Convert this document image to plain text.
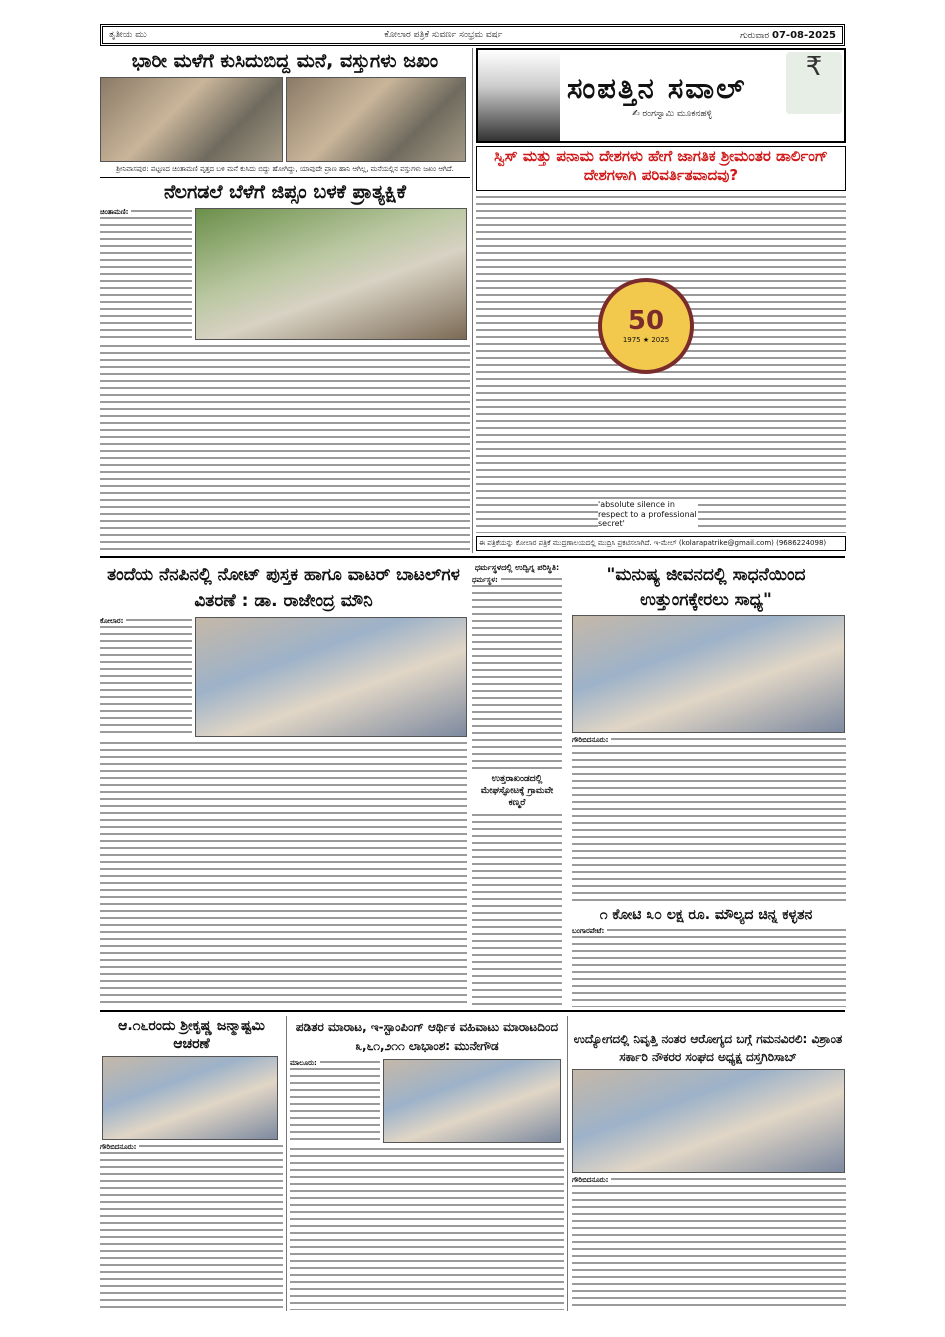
ತೃತೀಯ ಮು	ಕೋಲಾರ ಪತ್ರಿಕೆ ಸುವರ್ಣ ಸಂಭ್ರಮ ವರ್ಷ	ಗುರುವಾರ 07-08-2025
ಭಾರೀ ಮಳೆಗೆ ಕುಸಿದುಬಿದ್ದ ಮನೆ, ವಸ್ತುಗಳು ಜಖಂ
ಶ್ರೀನಿವಾಸಪುರ: ಪಟ್ಟಣದ ಚಿಂತಾಮಣಿ ವೃತ್ತದ ಬಳಿ ಮನೆ ಕುಸಿದು ಬಿದ್ದು ಹೋಗಿದ್ದು, ಯಾವುದೇ ಪ್ರಾಣ ಹಾನಿ ಆಗಿಲ್ಲ, ಮನೆಯಲ್ಲಿನ ವಸ್ತುಗಳು ಜಖಂ ಆಗಿದೆ.
ನೆಲಗಡಲೆ ಬೆಳೆಗೆ ಜಿಪ್ಸಂ ಬಳಕೆ ಪ್ರಾತ್ಯಕ್ಷಿಕೆ
ಚಿಂತಾಮಣಿ:
ಸಂಪತ್ತಿನ ಸವಾಲ್
✍ ರಂಗಸ್ವಾಮಿ ಮೂಕನಹಳ್ಳಿ
₹
ಸ್ವಿಸ್ ಮತ್ತು ಪನಾಮ ದೇಶಗಳು ಹೇಗೆ ಜಾಗತಿಕ ಶ್ರೀಮಂತರ ಡಾರ್ಲಿಂಗ್ ದೇಶಗಳಾಗಿ ಪರಿವರ್ತಿತವಾದವು?
50
1975 ★ 2025
'absolute silence in respect to a professional secret'
ಈ ಪತ್ರಿಕೆಯನ್ನು ಕೋಲಾರ ಪತ್ರಿಕೆ ಮುದ್ರಣಾಲಯದಲ್ಲಿ ಮುದ್ರಿಸಿ ಪ್ರಕಟಿಸಲಾಗಿದೆ. ಇ-ಮೇಲ್ (kolarapatrike@gmail.com) (9686224098)
ತಂದೆಯ ನೆನಪಿನಲ್ಲಿ ನೋಟ್ ಪುಸ್ತಕ ಹಾಗೂ ವಾಟರ್ ಬಾಟಲ್‌ಗಳ ವಿತರಣೆ : ಡಾ. ರಾಜೇಂದ್ರ ಮೌನಿ
ಕೋಲಾರ:
ಧರ್ಮಸ್ಥಳದಲ್ಲಿ ಉದ್ವಿಗ್ನ ಪರಿಸ್ಥಿತಿ:
ಧರ್ಮಸ್ಥಳ:
ಉತ್ತರಾಖಂಡದಲ್ಲಿ ಮೇಘಸ್ಫೋಟಕ್ಕೆ ಗ್ರಾಮವೇ ಕಣ್ಮರೆ
"ಮನುಷ್ಯ ಜೀವನದಲ್ಲಿ ಸಾಧನೆಯಿಂದ ಉತ್ತುಂಗಕ್ಕೇರಲು ಸಾಧ್ಯ"
ಗೌರಿಬಿದನೂರು:
೧ ಕೋಟಿ ೩೦ ಲಕ್ಷ ರೂ. ಮೌಲ್ಯದ ಚಿನ್ನ ಕಳ್ಳತನ
ಬಂಗಾರಪೇಟೆ:
ಆ.೧೬ರಂದು ಶ್ರೀಕೃಷ್ಣ ಜನ್ಮಾಷ್ಟಮಿ ಆಚರಣೆ
ಗೌರಿಬಿದನೂರು:
ಪಡಿತರ ಮಾರಾಟ, ಇ-ಸ್ಟಾಂಪಿಂಗ್ ಆರ್ಥಿಕ ವಹಿವಾಟು ಮಾರಾಟದಿಂದ ೩,೬೧,೨೧೧ ಲಾಭಾಂಶ: ಮುನೇಗೌಡ
ಮಾಲೂರು:
ಉದ್ಯೋಗದಲ್ಲಿ ನಿವೃತ್ತಿ ನಂತರ ಆರೋಗ್ಯದ ಬಗ್ಗೆ ಗಮನವಿರಲಿ: ವಿಶ್ರಾಂತ ಸರ್ಕಾರಿ ನೌಕರರ ಸಂಘದ ಅಧ್ಯಕ್ಷ ದಸ್ತಗಿರಿಸಾಬ್
ಗೌರಿಬಿದನೂರು:
